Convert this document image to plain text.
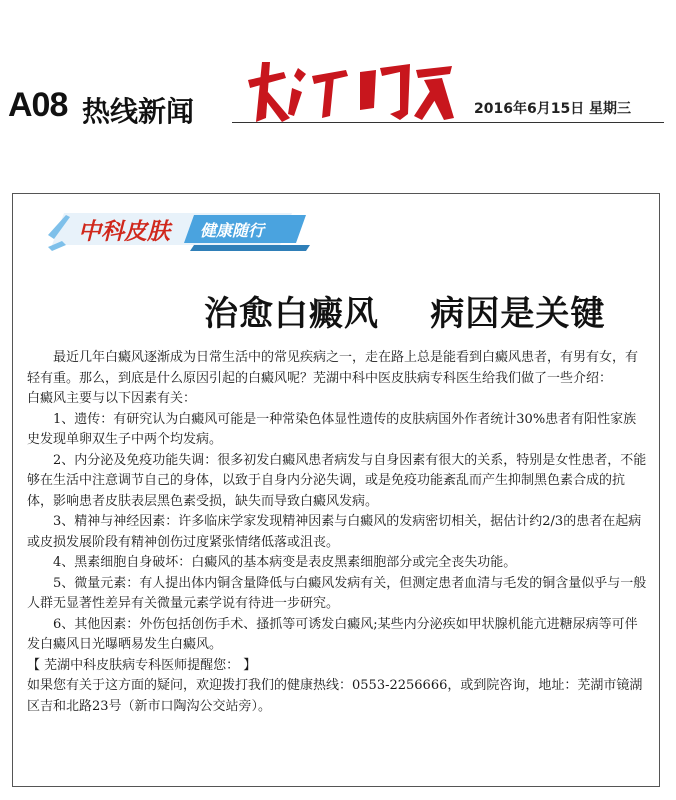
A08 热线新闻	2016年6月15日 星期三
中科皮肤 健康随行
治愈白癜风    病因是关键

最近几年白癜风逐渐成为日常生活中的常见疾病之一，走在路上总是能看到白癜风患者，有男有女，有轻有重。那么，到底是什么原因引起的白癜风呢？芜湖中科中医皮肤病专科医生给我们做了一些介绍：

白癜风主要与以下因素有关：

1、遗传：有研究认为白癜风可能是一种常染色体显性遗传的皮肤病国外作者统计30%患者有阳性家族史发现单卵双生子中两个均发病。

2、内分泌及免疫功能失调：很多初发白癜风患者病发与自身因素有很大的关系，特别是女性患者，不能够在生活中注意调节自己的身体，以致于自身内分泌失调，或是免疫功能紊乱而产生抑制黑色素合成的抗体，影响患者皮肤表层黑色素受损，缺失而导致白癜风发病。

3、精神与神经因素：许多临床学家发现精神因素与白癜风的发病密切相关，据估计约2/3的患者在起病或皮损发展阶段有精神创伤过度紧张情绪低落或沮丧。

4、黑素细胞自身破坏：白癜风的基本病变是表皮黑素细胞部分或完全丧失功能。

5、微量元素：有人提出体内铜含量降低与白癜风发病有关，但测定患者血清与毛发的铜含量似乎与一般人群无显著性差异有关微量元素学说有待进一步研究。

6、其他因素：外伤包括创伤手术、搔抓等可诱发白癜风;某些内分泌疾如甲状腺机能亢进糖尿病等可伴发白癜风日光曝晒易发生白癜风。

【 芜湖中科皮肤病专科医师提醒您： 】

如果您有关于这方面的疑问，欢迎拨打我们的健康热线：0553-2256666，或到院咨询，地址：芜湖市镜湖区吉和北路23号（新市口陶沟公交站旁）。
